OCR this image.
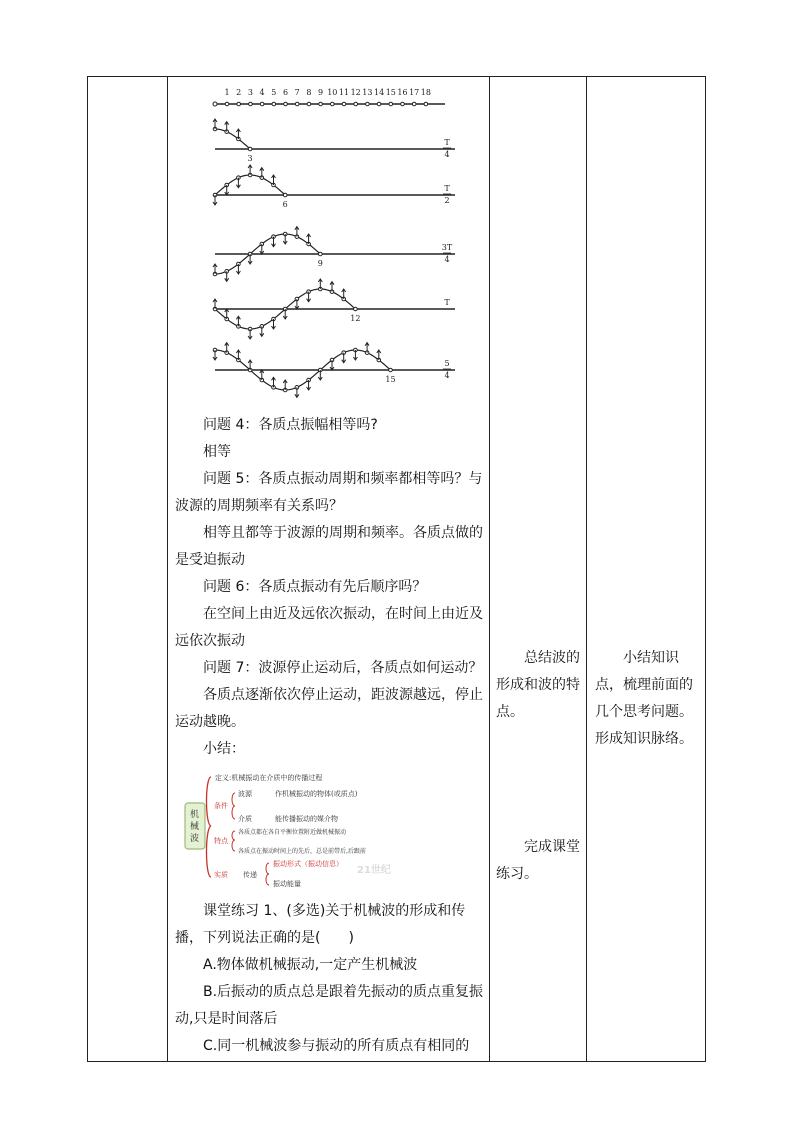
1 2 3 4 5 6 7 8 9 10 11 12 13 14 15 16 17 18
3
T
4
6
T
2
9
3T
4
12
T
15
5
4

问题 4：各质点振幅相等吗?

相等

问题 5：各质点振动周期和频率都相等吗？与波源的周期频率有关系吗？

相等且都等于波源的周期和频率。各质点做的是受迫振动

问题 6：各质点振动有先后顺序吗？

在空间上由近及远依次振动，在时间上由近及远依次振动

问题 7：波源停止运动后，各质点如何运动？

各质点逐渐依次停止运动，距波源越远，停止运动越晚。

小结：

21世纪
机
械
波
定义:机械振动在介质中的传播过程
条件
波源	作机械振动的物体(或质点)
介质	能传播振动的媒介物
特点
各质点都在各自平衡位置附近做机械振动
各质点在振动时间上的先后，总是前带后,后跟前
实质 传递
振动形式（振动信息）
振动能量

课堂练习 1、(多选)关于机械波的形成和传播，下列说法正确的是(　　)

A.物体做机械振动,一定产生机械波

B.后振动的质点总是跟着先振动的质点重复振动,只是时间落后

C.同一机械波参与振动的所有质点有相同的

总结波的形成和波的特点。

完成课堂练习。

小结知识点，梳理前面的几个思考问题。形成知识脉络。
